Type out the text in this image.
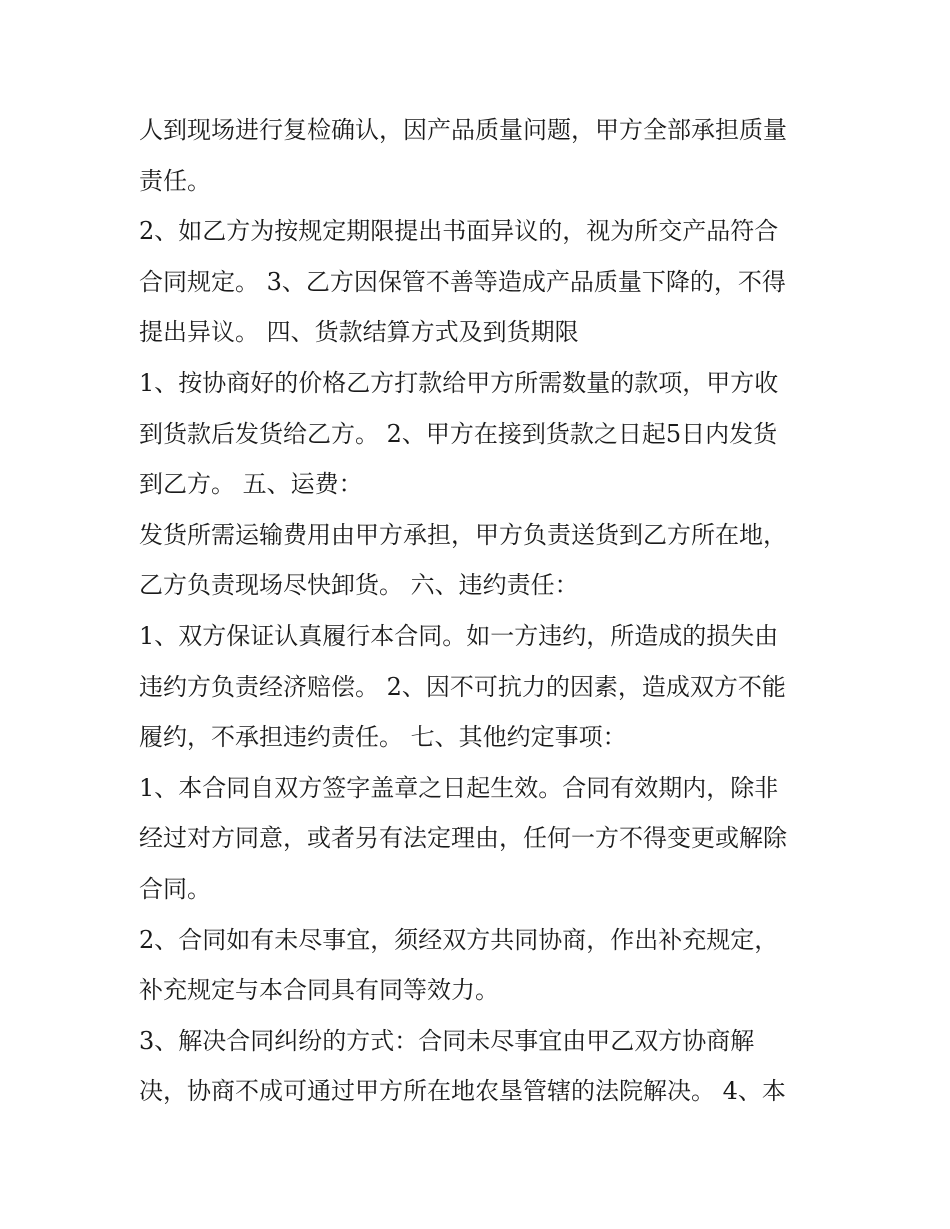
人到现场进行复检确认，因产品质量问题，甲方全部承担质量
责任。
2、如乙方为按规定期限提出书面异议的，视为所交产品符合
合同规定。 3、乙方因保管不善等造成产品质量下降的，不得
提出异议。 四、货款结算方式及到货期限
1、按协商好的价格乙方打款给甲方所需数量的款项，甲方收
到货款后发货给乙方。 2、甲方在接到货款之日起5日内发货
到乙方。 五、运费：
发货所需运输费用由甲方承担，甲方负责送货到乙方所在地，
乙方负责现场尽快卸货。 六、违约责任：
1、双方保证认真履行本合同。如一方违约，所造成的损失由
违约方负责经济赔偿。 2、因不可抗力的因素，造成双方不能
履约，不承担违约责任。 七、其他约定事项：
1、本合同自双方签字盖章之日起生效。合同有效期内，除非
经过对方同意，或者另有法定理由，任何一方不得变更或解除
合同。
2、合同如有未尽事宜，须经双方共同协商，作出补充规定，
补充规定与本合同具有同等效力。
3、解决合同纠纷的方式：合同未尽事宜由甲乙双方协商解
决，协商不成可通过甲方所在地农垦管辖的法院解决。 4、本
